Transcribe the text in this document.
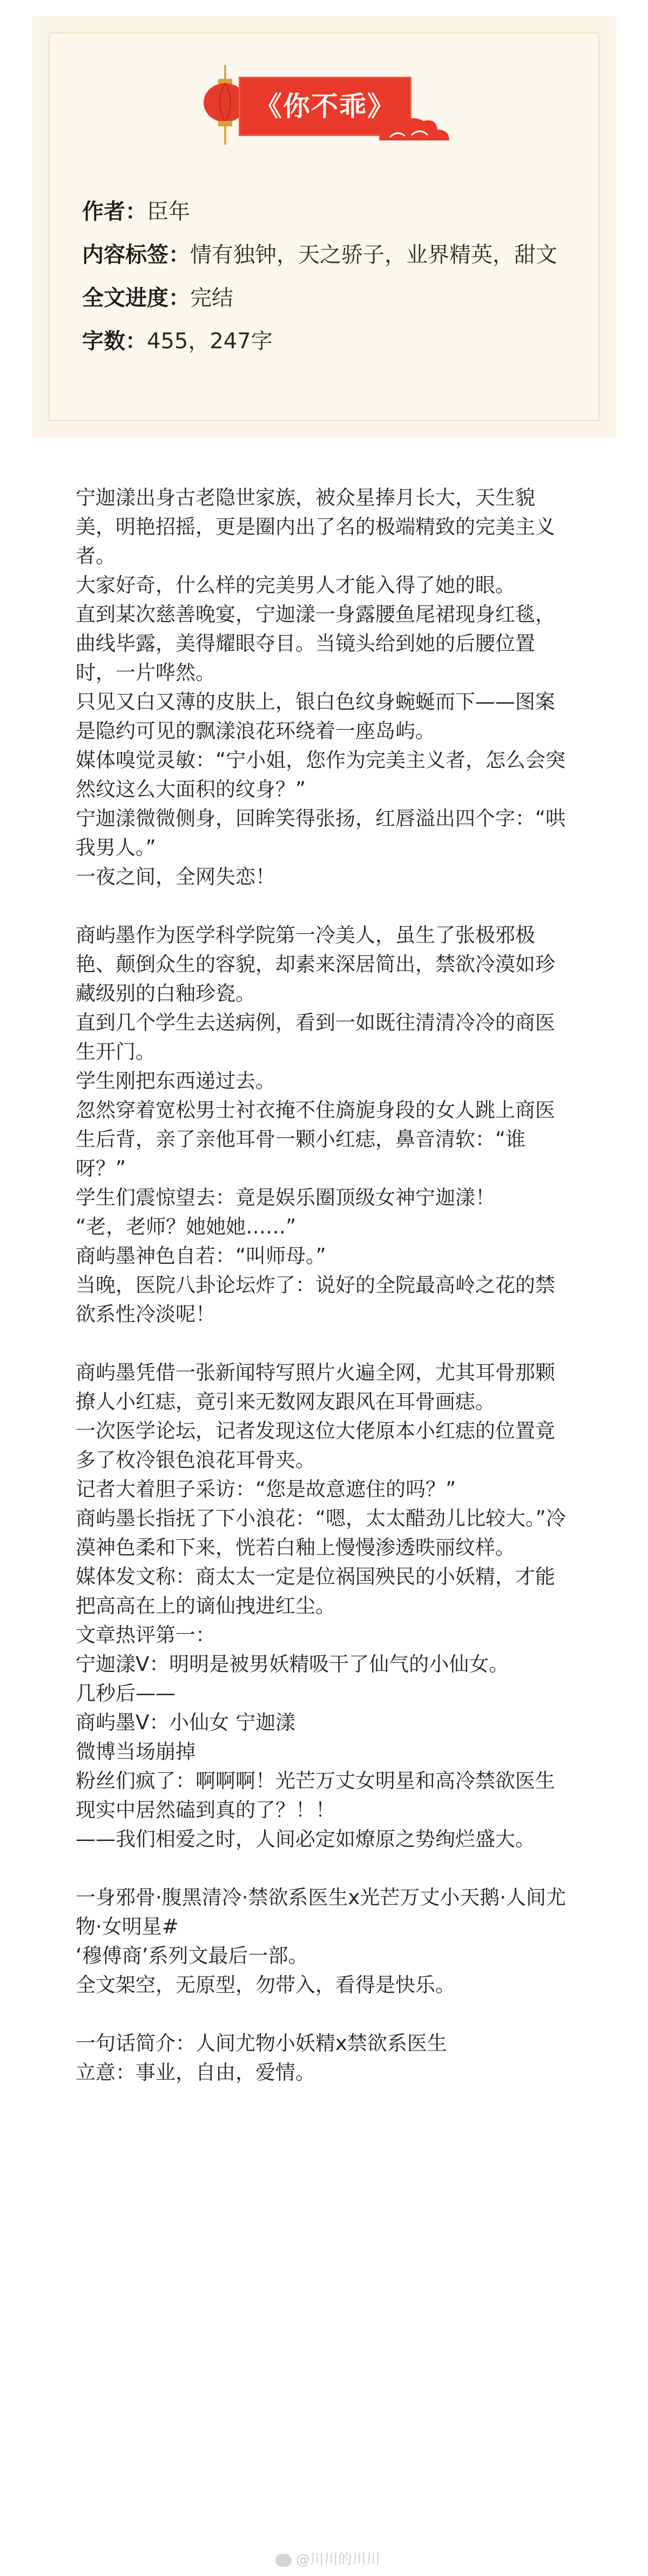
《你不乖》

作者：臣年

内容标签：情有独钟，天之骄子，业界精英，甜文

全文进度：完结

字数：455，247字

宁迦漾出身古老隐世家族，被众星捧月长大，天生貌美，明艳招摇，更是圈内出了名的极端精致的完美主义者。

大家好奇，什么样的完美男人才能入得了她的眼。

直到某次慈善晚宴，宁迦漾一身露腰鱼尾裙现身红毯，曲线毕露，美得耀眼夺目。当镜头给到她的后腰位置时，一片哗然。

只见又白又薄的皮肤上，银白色纹身蜿蜒而下——图案是隐约可见的飘漾浪花环绕着一座岛屿。

媒体嗅觉灵敏：“宁小姐，您作为完美主义者，怎么会突然纹这么大面积的纹身？”

宁迦漾微微侧身，回眸笑得张扬，红唇溢出四个字：“哄我男人。”

一夜之间，全网失恋！

商屿墨作为医学科学院第一冷美人，虽生了张极邪极艳、颠倒众生的容貌，却素来深居简出，禁欲冷漠如珍藏级别的白釉珍瓷。

直到几个学生去送病例，看到一如既往清清冷冷的商医生开门。

学生刚把东西递过去。

忽然穿着宽松男士衬衣掩不住旖旎身段的女人跳上商医生后背，亲了亲他耳骨一颗小红痣，鼻音清软：“谁呀？”

学生们震惊望去：竟是娱乐圈顶级女神宁迦漾！

“老，老师？她她她……”

商屿墨神色自若：“叫师母。”

当晚，医院八卦论坛炸了：说好的全院最高岭之花的禁欲系性冷淡呢！

商屿墨凭借一张新闻特写照片火遍全网，尤其耳骨那颗撩人小红痣，竟引来无数网友跟风在耳骨画痣。

一次医学论坛，记者发现这位大佬原本小红痣的位置竟多了枚冷银色浪花耳骨夹。

记者大着胆子采访：“您是故意遮住的吗？”

商屿墨长指抚了下小浪花：“嗯，太太醋劲儿比较大。”冷漠神色柔和下来，恍若白釉上慢慢渗透昳丽纹样。

媒体发文称：商太太一定是位祸国殃民的小妖精，才能把高高在上的谪仙拽进红尘。

文章热评第一：

宁迦漾V：明明是被男妖精吸干了仙气的小仙女。

几秒后——

商屿墨V：小仙女 宁迦漾

微博当场崩掉

粉丝们疯了：啊啊啊！光芒万丈女明星和高冷禁欲医生现实中居然磕到真的了？！！

——我们相爱之时，人间必定如燎原之势绚烂盛大。

一身邪骨·腹黑清冷·禁欲系医生x光芒万丈小天鹅·人间尤物·女明星#

‘穆傅商’系列文最后一部。

全文架空，无原型，勿带入，看得是快乐。

一句话简介：人间尤物小妖精x禁欲系医生

立意：事业，自由，爱情。

@川川的川川
